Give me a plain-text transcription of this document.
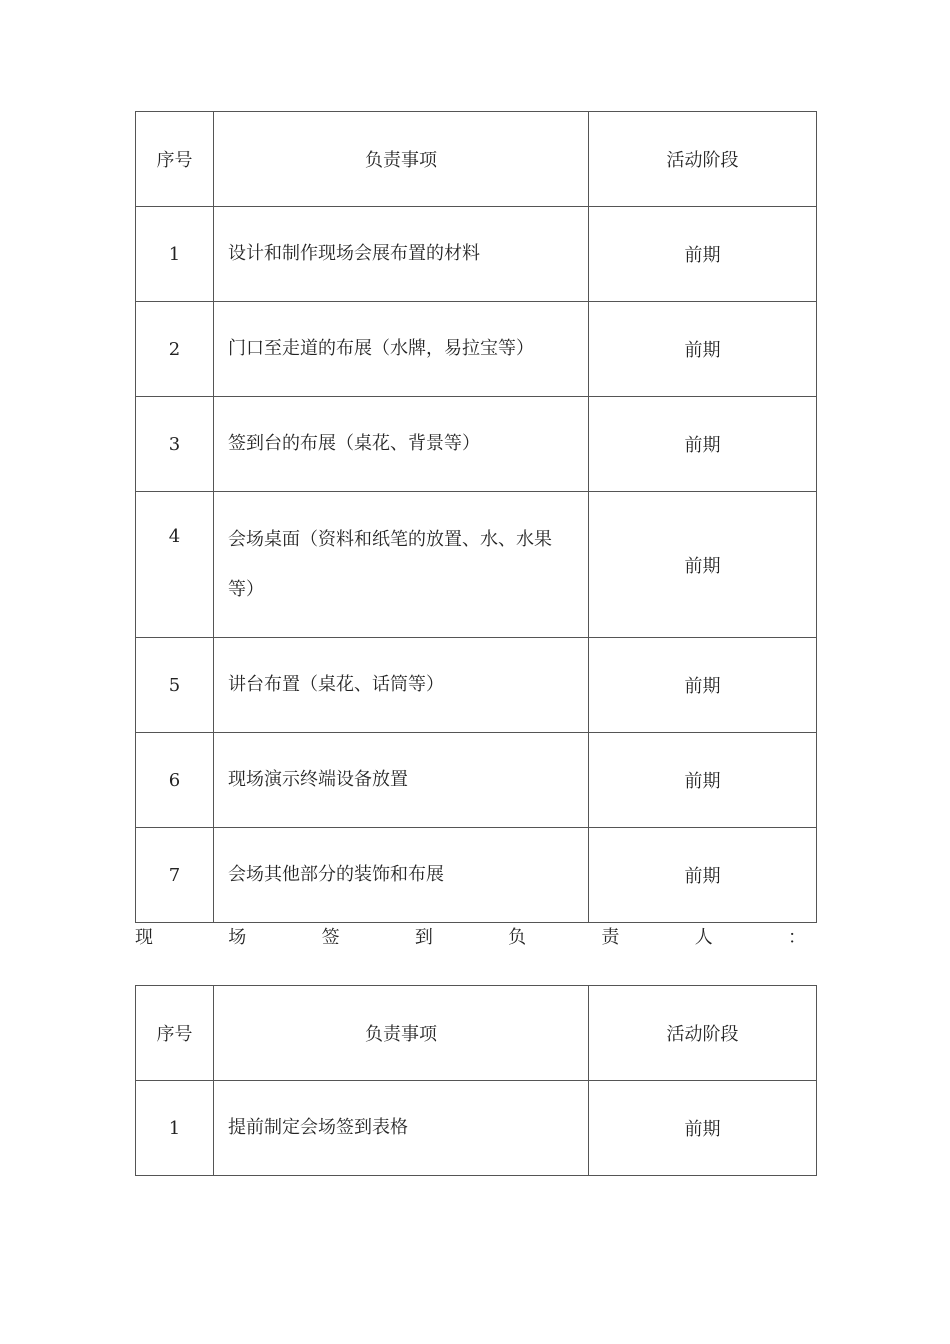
序号	负责事项	活动阶段
1	设计和制作现场会展布置的材料	前期
2	门口至走道的布展（水牌，易拉宝等）	前期
3	签到台的布展（桌花、背景等）	前期
4	会场桌面（资料和纸笔的放置、水、水果等）	前期
5	讲台布置（桌花、话筒等）	前期
6	现场演示终端设备放置	前期
7	会场其他部分的装饰和布展	前期
现	场	签	到	负	责	人	：
序号	负责事项	活动阶段
1	提前制定会场签到表格	前期
